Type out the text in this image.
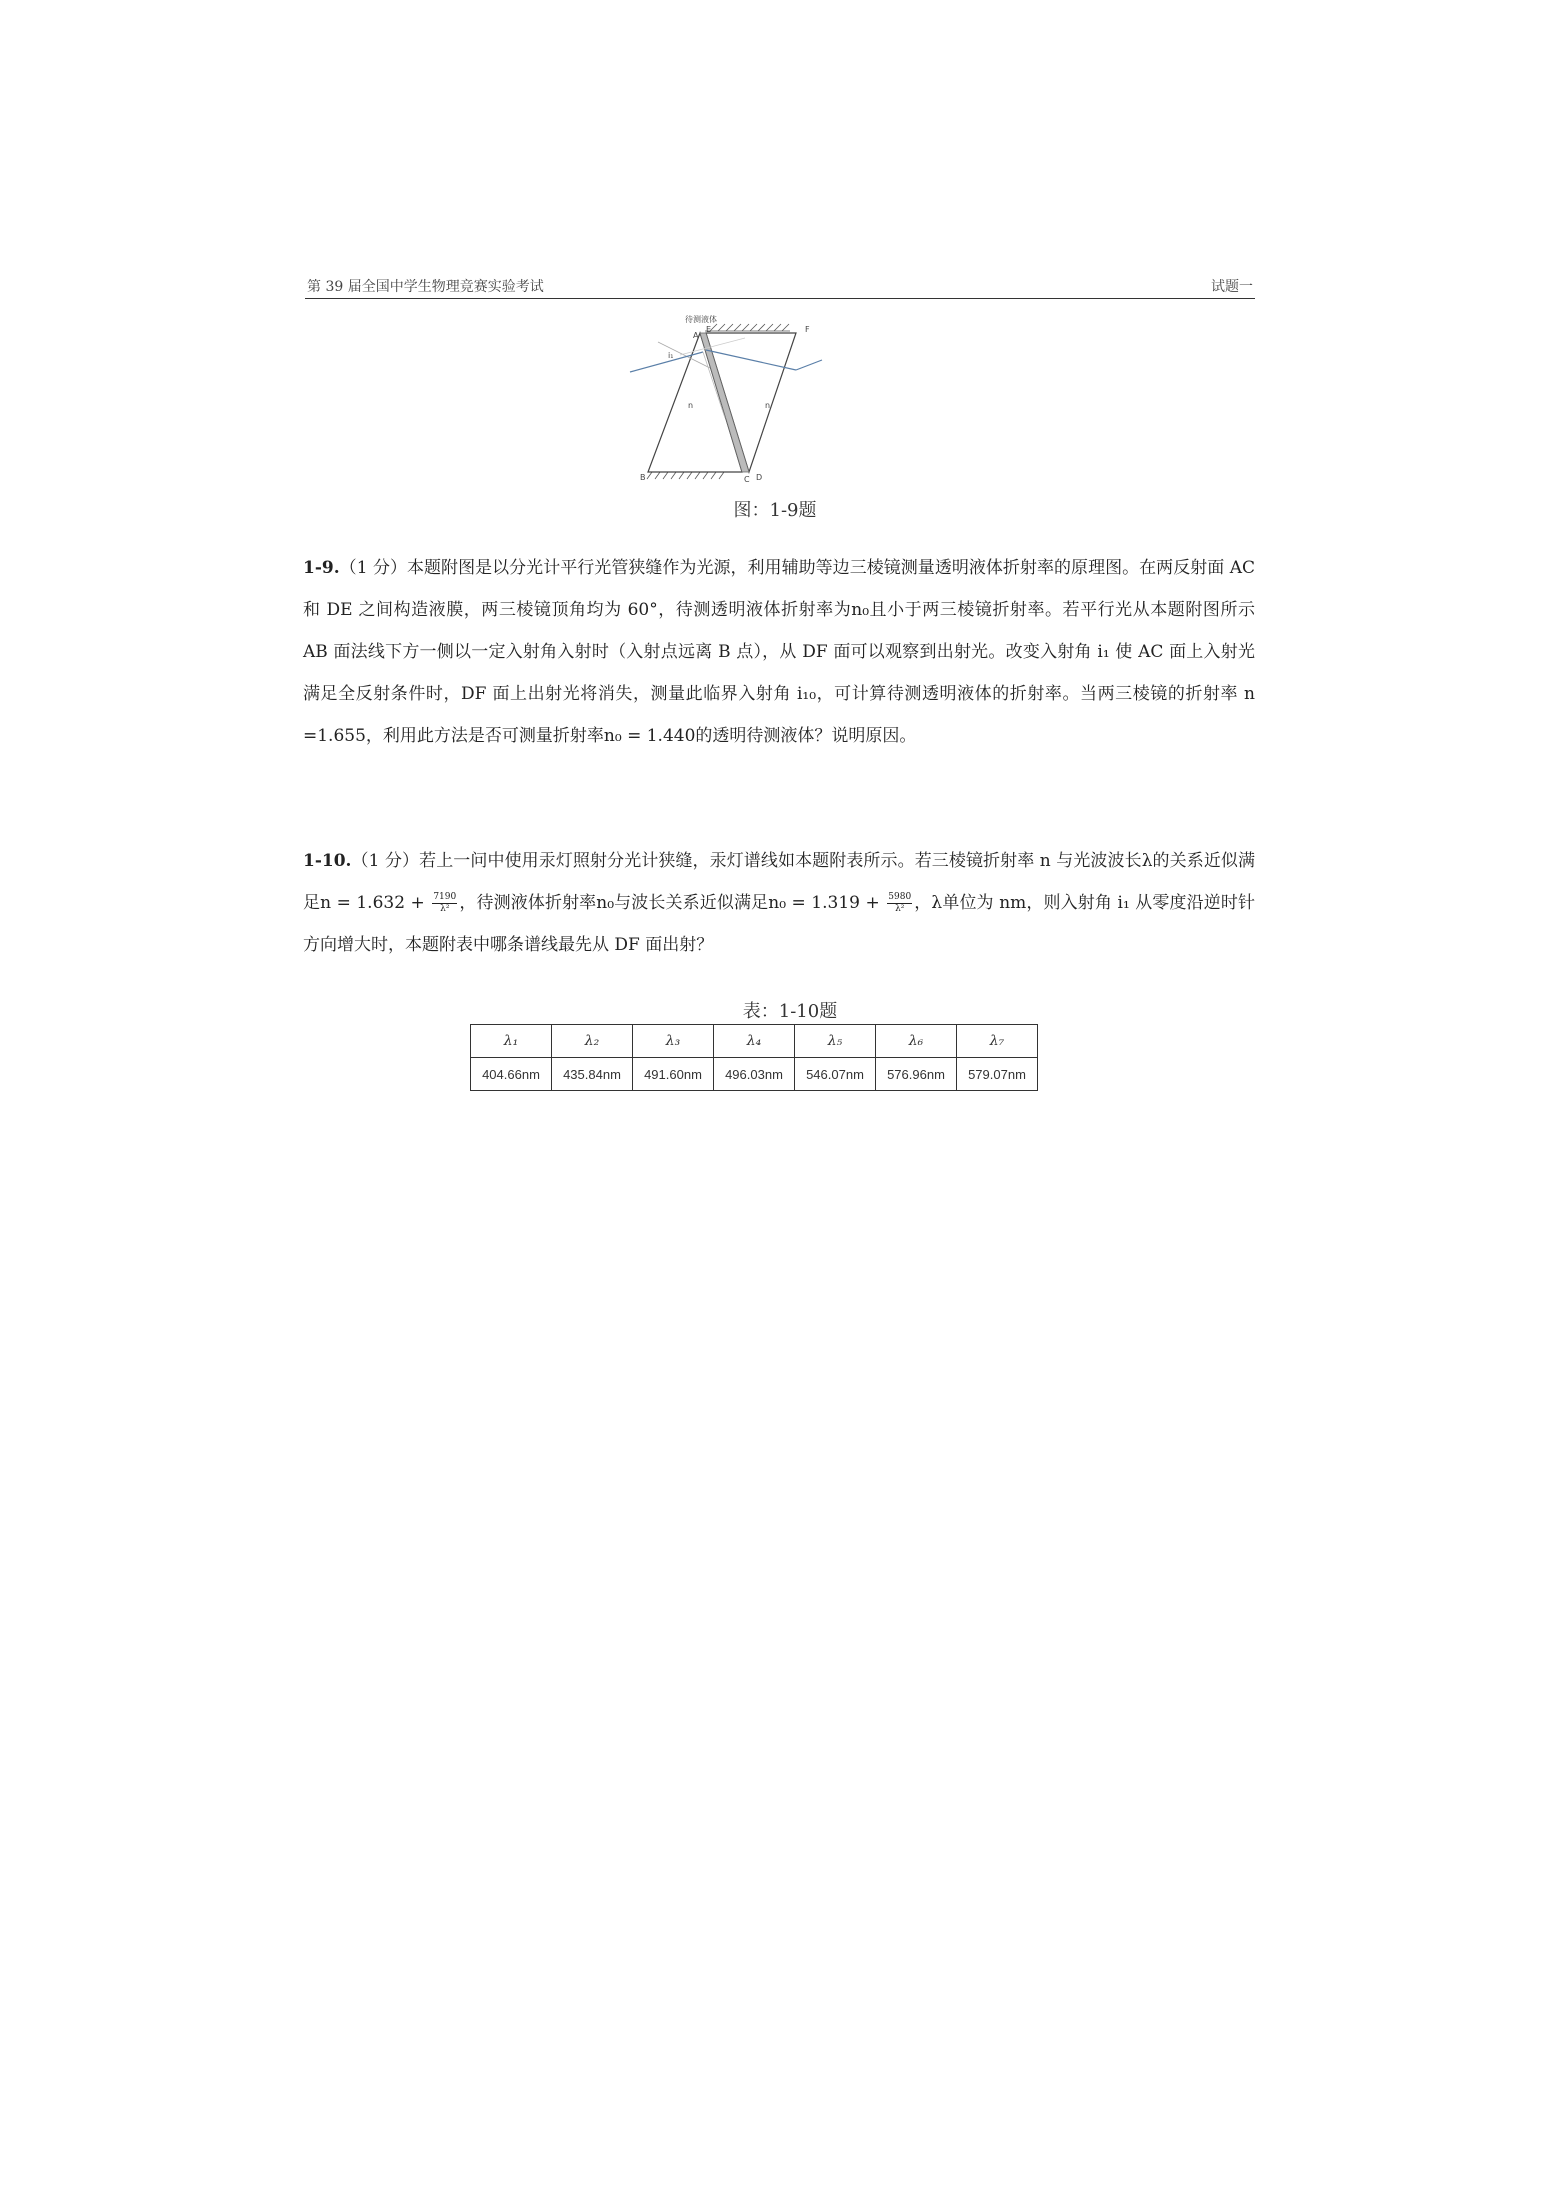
第 39 届全国中学生物理竞赛实验考试	试题一
待测液体
A
E	F
B	C D
i₁
n	n
图：1-9题
1-9.（1 分）本题附图是以分光计平行光管狭缝作为光源，利用辅助等边三棱镜测量透明液体折射率的原理图。在两反射面 AC 和 DE 之间构造液膜，两三棱镜顶角均为 60°，待测透明液体折射率为n₀且小于两三棱镜折射率。若平行光从本题附图所示 AB 面法线下方一侧以一定入射角入射时（入射点远离 B 点），从 DF 面可以观察到出射光。改变入射角 i₁ 使 AC 面上入射光满足全反射条件时，DF 面上出射光将消失，测量此临界入射角 i₁₀，可计算待测透明液体的折射率。当两三棱镜的折射率 n =1.655，利用此方法是否可测量折射率n₀ = 1.440的透明待测液体？说明原因。
1-10.（1 分）若上一问中使用汞灯照射分光计狭缝，汞灯谱线如本题附表所示。若三棱镜折射率 n 与光波波长λ的关系近似满足$n = 1.632 + \frac{7190}{\text{λ²}}$ ，待测液体折射率n₀与波长关系近似满足$n_0 = 1.319 + \frac{5980}{\text{λ²}}$ ，λ单位为 nm，则入射角 i₁ 从零度沿逆时针方向增大时，本题附表中哪条谱线最先从 DF 面出射？
表：1-10题
λ₁	λ₂	λ₃	λ₄	λ₅	λ₆	λ₇
404.66nm	435.84nm	491.60nm	496.03nm	546.07nm	576.96nm	579.07nm
